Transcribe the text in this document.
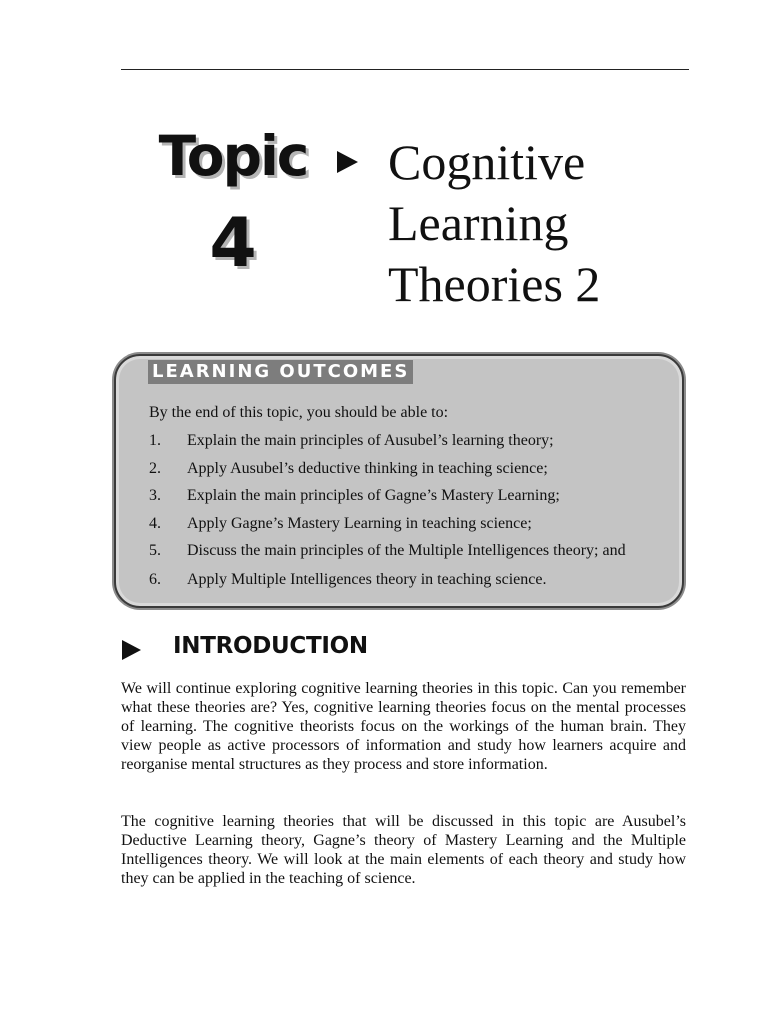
Topic
4
Cognitive
Learning
Theories 2
LEARNING OUTCOMES
By the end of this topic, you should be able to:
1. Explain the main principles of Ausubel’s learning theory;
2. Apply Ausubel’s deductive thinking in teaching science;
3. Explain the main principles of Gagne’s Mastery Learning;
4. Apply Gagne’s Mastery Learning in teaching science;
5. Discuss the main principles of the Multiple Intelligences theory; and
6. Apply Multiple Intelligences theory in teaching science.
INTRODUCTION
We will continue exploring cognitive learning theories in this topic. Can you remember what these theories are? Yes, cognitive learning theories focus on the mental processes of learning. The cognitive theorists focus on the workings of the human brain. They view people as active processors of information and study how learners acquire and reorganise mental structures as they process and store information.
The cognitive learning theories that will be discussed in this topic are Ausubel’s Deductive Learning theory, Gagne’s theory of Mastery Learning and the Multiple Intelligences theory. We will look at the main elements of each theory and study how they can be applied in the teaching of science.
